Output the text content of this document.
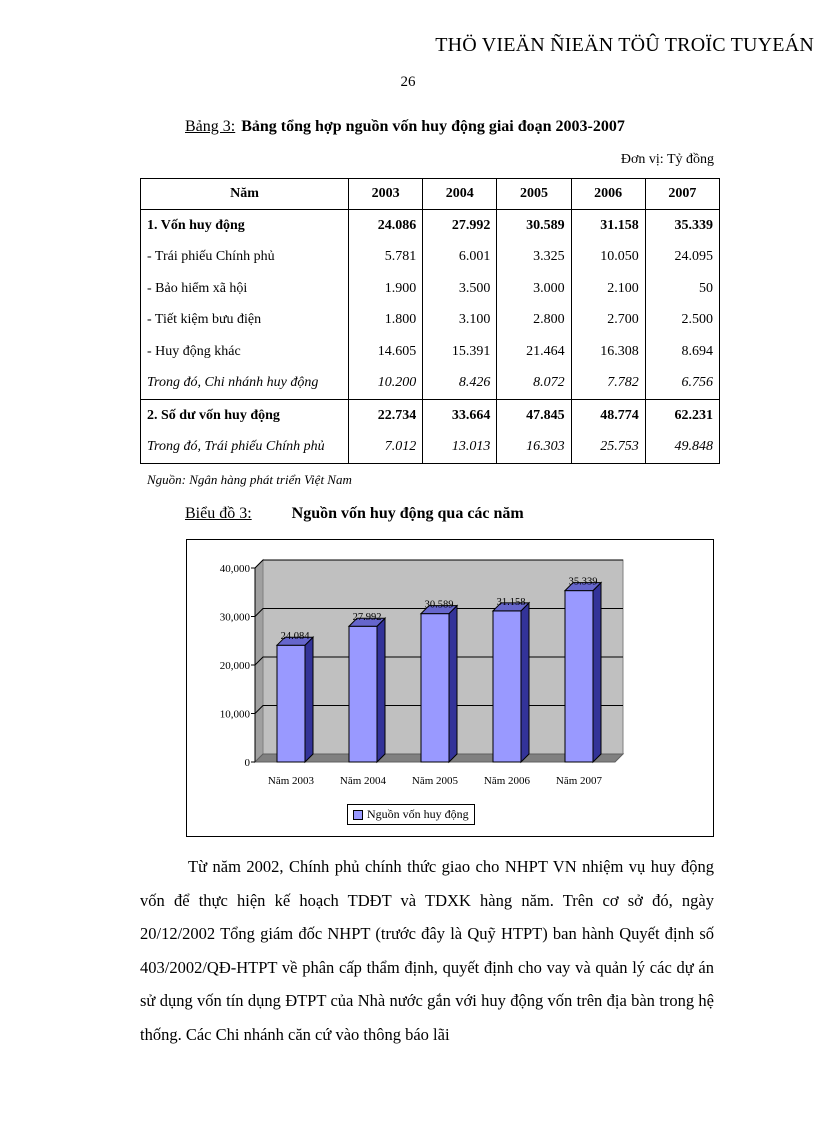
THÖ VIEÄN ÑIEÄN TÖÛ TROÏC TUYEÁN
26
Bảng 3: Bảng tổng hợp nguồn vốn huy động giai đoạn 2003-2007
Đơn vị: Tỷ đồng
Năm	2003	2004	2005	2006	2007
1. Vốn huy động	24.086	27.992	30.589	31.158	35.339
- Trái phiếu Chính phủ	5.781	6.001	3.325	10.050	24.095
- Bảo hiểm xã hội	1.900	3.500	3.000	2.100	50
- Tiết kiệm bưu điện	1.800	3.100	2.800	2.700	2.500
- Huy động khác	14.605	15.391	21.464	16.308	8.694
Trong đó, Chi nhánh huy động	10.200	8.426	8.072	7.782	6.756
2. Số dư vốn huy động	22.734	33.664	47.845	48.774	62.231
Trong đó, Trái phiếu Chính phủ	7.012	13.013	16.303	25.753	49.848
Nguồn: Ngân hàng phát triển Việt Nam
Biểu đồ 3:	Nguồn vốn huy động qua các năm
0
10,000
20,000
30,000
40,000
24.084
Năm 2003
27.992
Năm 2004
30.589
Năm 2005
31.158
Năm 2006
35.339
Năm 2007
Nguồn vốn huy động
Từ năm 2002, Chính phủ chính thức giao cho NHPT VN nhiệm vụ huy động vốn để thực hiện kế hoạch TDĐT và TDXK hàng năm. Trên cơ sở đó, ngày 20/12/2002 Tổng giám đốc NHPT (trước đây là Quỹ HTPT) ban hành Quyết định số 403/2002/QĐ-HTPT về phân cấp thẩm định, quyết định cho vay và quản lý các dự án sử dụng vốn tín dụng ĐTPT của Nhà nước gắn với huy động vốn trên địa bàn trong hệ thống. Các Chi nhánh căn cứ vào thông báo lãi
